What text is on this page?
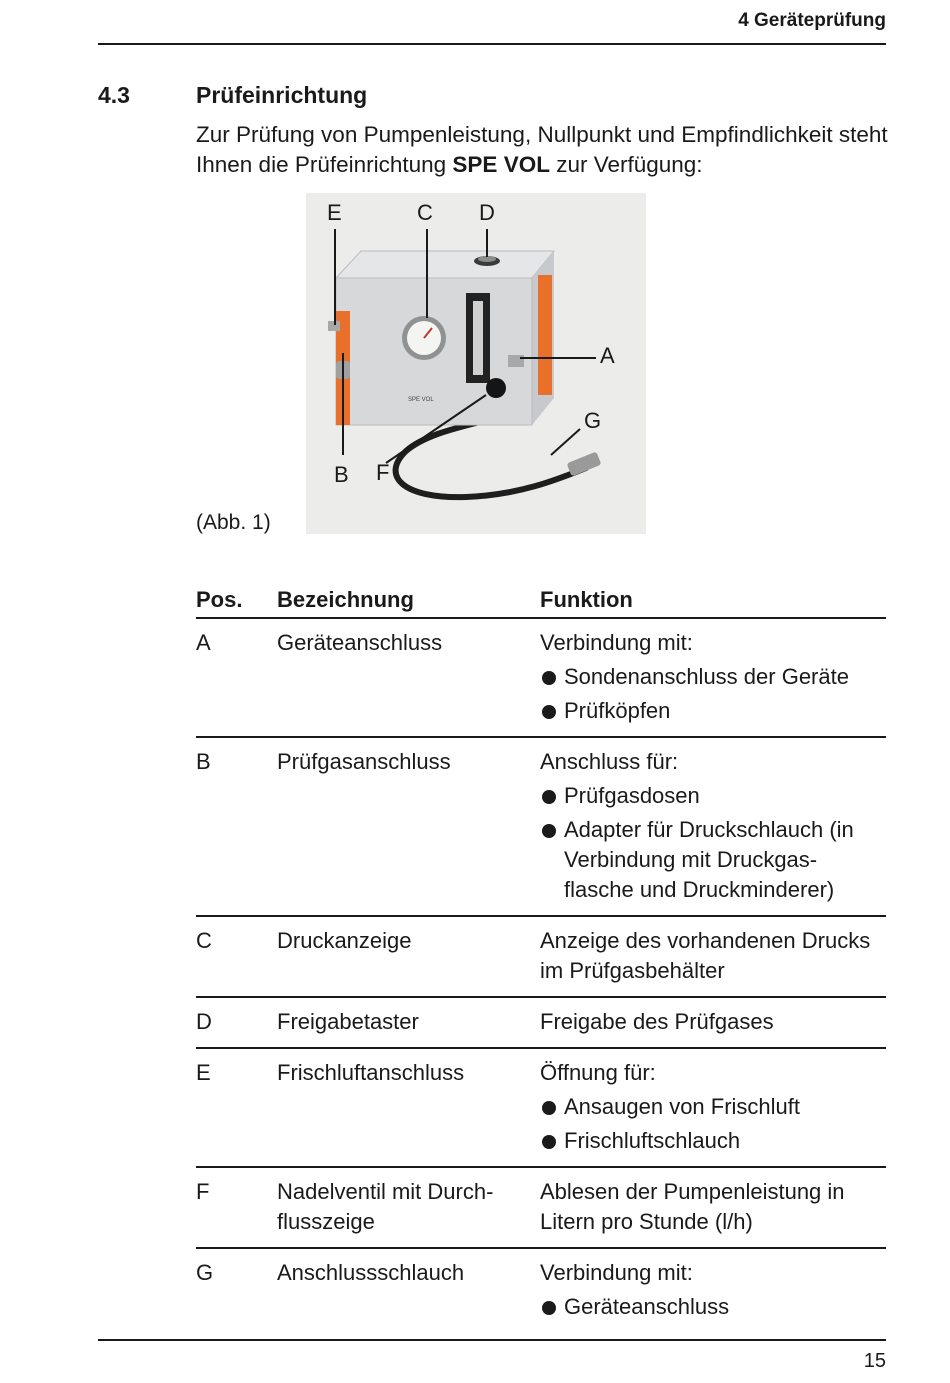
4 Geräteprüfung
4.3	Prüfeinrichtung
Zur Prüfung von Pumpenleistung, Nullpunkt und Empfindlichkeit steht Ihnen die Prüfeinrichtung SPE VOL zur Verfügung:
SPE VOL
E	C D
A
G
B F
(Abb. 1)
Pos.	Bezeichnung	Funktion
A	Geräteanschluss	Verbindung mit:
Sondenanschluss der Geräte
Prüfköpfen

B	Prüfgasanschluss	Anschluss für:
Prüfgasdosen
Adapter für Druckschlauch (in Verbindung mit Druckgas-flasche und Druckminderer)

C	Druckanzeige	Anzeige des vorhandenen Drucks im Prüfgasbehälter
D	Freigabetaster	Freigabe des Prüfgases
E	Frischluftanschluss	Öffnung für:
Ansaugen von Frischluft
Frischluftschlauch

F	Nadelventil mit Durch-flusszeige	Ablesen der Pumpenleistung in Litern pro Stunde (l/h)
G	Anschlussschlauch	Verbindung mit:
Geräteanschluss
15
